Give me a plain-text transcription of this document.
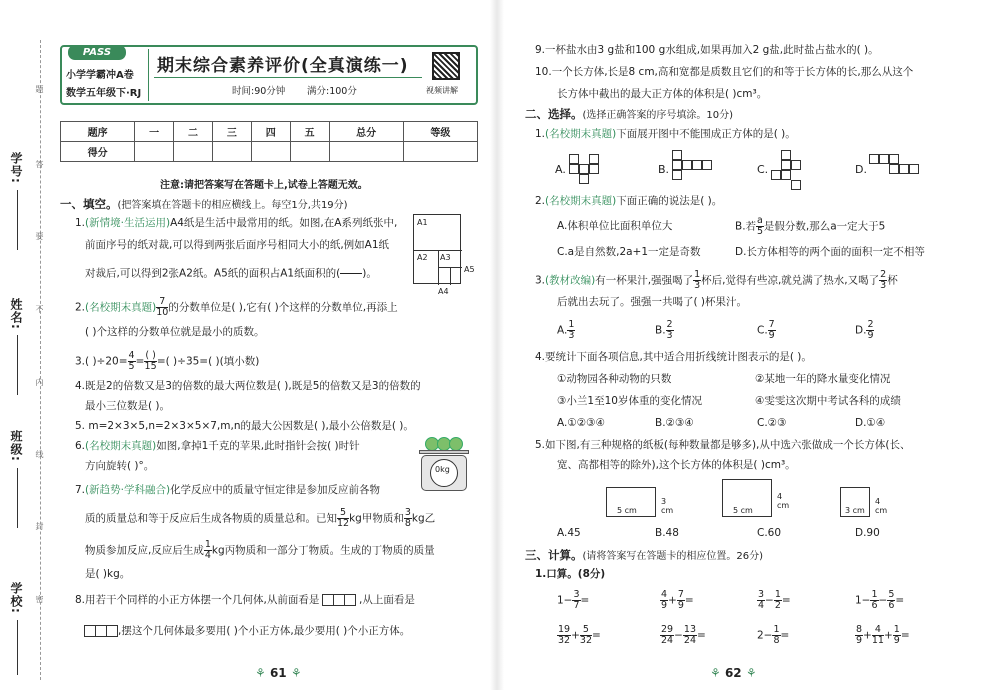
学号:
姓名:
班级:
学校:
题
答
要
不
内
线
封
密
PASS
小学学霸冲A卷
数学五年级下·RJ
期末综合素养评价(全真演练一)
时间:90分钟 满分:100分	视频讲解
题序	一	二	三	四	五	总分	等级
得分							
注意:请把答案写在答题卡上,试卷上答题无效。
一、填空。(把答案填在答题卡的相应横线上。每空1分,共19分)
1.(新情境·生活运用)A4纸是生活中最常用的纸。如图,在A系列纸张中,
前面序号的纸对裁,可以得到两张后面序号相同大小的纸,例如A1纸
对裁后,可以得到2张A2纸。A5纸的面积占A1纸面积的(

)。
A1
A2 A3
A4
A5
2.(名校期末真题) $\frac{7}{10}$ 的分数单位是( ),它有( )个这样的分数单位,再添上
( )个这样的分数单位就是最小的质数。
3.( )$\div 20= \frac{4}{5} = \frac{( )}{15}$ =( )÷35=( )(填小数)
4.既是2的倍数又是3的倍数的最大两位数是( ),既是5的倍数又是3的倍数的
最小三位数是( )。
5. m=2×3×5,n=2×3×5×7,m,n的最大公因数是( ),最小公倍数是( )。
6.(名校期末真题)如图,拿掉1千克的苹果,此时指针会按( )时针
方向旋转( )°。	0kg
7.(新趋势·学科融合)化学反应中的质量守恒定律是参加反应前各物
质的质量总和等于反应后生成各物质的质量总和。已知 $\frac{5}{12}$ kg甲物质和 $\frac{3}{8}$ kg乙
物质参加反应,反应后生成 $\frac{1}{4}$ kg丙物质和一部分丁物质。生成的丁物质的质量
是( )kg。
8.用若干个同样的小正方体摆一个几何体,从前面看是	,从上面看是
,摆这个几何体最多要用( )个小正方体,最少要用( )个小正方体。
⚘ 61 ⚘
9.一杯盐水由3 g盐和100 g水组成,如果再加入2 g盐,此时盐占盐水的( )。
10.一个长方体,长是8 cm,高和宽都是质数且它们的和等于长方体的长,那么从这个
长方体中截出的最大正方体的体积是( )cm³。
二、选择。(选择正确答案的序号填涂。10分)
1.(名校期末真题)下面展开图中不能围成正方体的是( )。
A.	B.	C.	D.
2.(名校期末真题)下面正确的说法是( )。
A.体积单位比面积单位大	B.若 $\frac{a}{5}$ 是假分数,那么a一定大于5
C.a是自然数,2a+1一定是奇数	D.长方体相等的两个面的面积一定不相等
3.(教材改编)有一杯果汁,强强喝了 $\frac{1}{3}$ 杯后,觉得有些凉,就兑满了热水,又喝了 $\frac{2}{3}$ 杯
后就出去玩了。强强一共喝了( )杯果汁。
A. $\frac{1}{3}$	B. $\frac{2}{3}$	C. $\frac{7}{9}$	D. $\frac{2}{9}$
4.要统计下面各项信息,其中适合用折线统计图表示的是( )。
①动物园各种动物的只数	②某地一年的降水量变化情况
③小兰1至10岁体重的变化情况	④雯雯这次期中考试各科的成绩
A.①②③④	B.②③④	C.②③	D.①④
5.如下图,有三种规格的纸板(每种数量都是够多),从中选六张做成一个长方体(长、
宽、高都相等的除外),这个长方体的体积是( )cm³。
5 cm
3 cm	5 cm
4 cm
3 cm
4 cm
A.45	B.48	C.60	D.90
三、计算。(请将答案写在答题卡的相应位置。26分)
1.口算。(8分)
$1- \frac{3}{7}$ =	$\frac{4}{9} + \frac{7}{9}$ =	$\frac{3}{4} - \frac{1}{2}$ =	$1- \frac{1}{6} - \frac{5}{6}$ =
$\frac{19}{32} + \frac{5}{32}$ =	$\frac{29}{24} - \frac{13}{24}$ =	$2- \frac{1}{8}$ =	$\frac{8}{9} + \frac{4}{11} + \frac{1}{9}$ =
⚘ 62 ⚘
